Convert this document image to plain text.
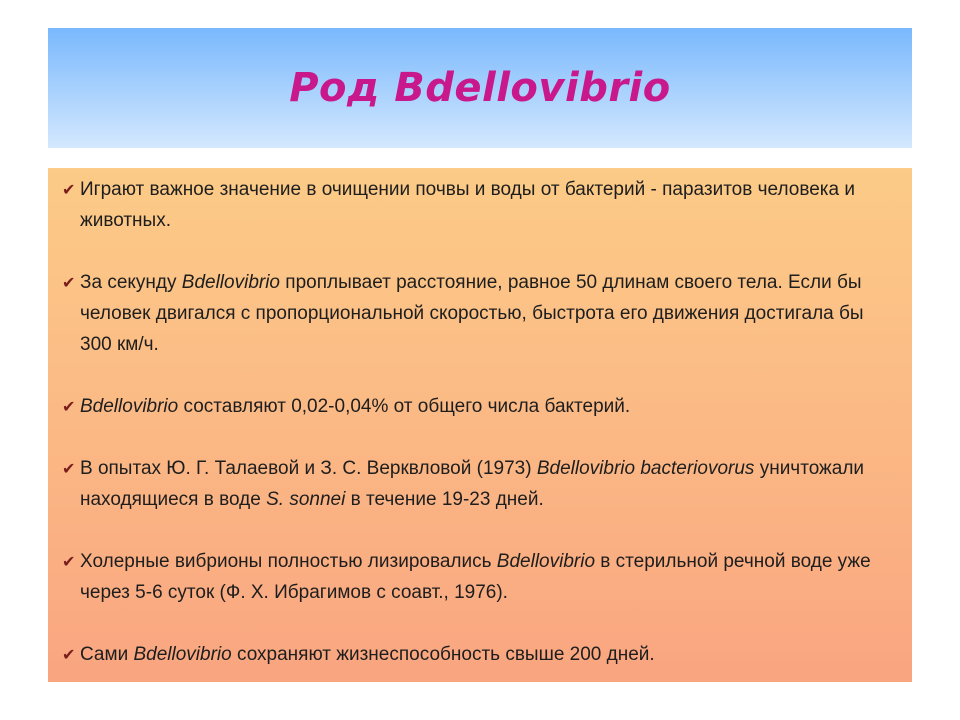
Род Bdellovibrio
✔ Играют важное значение в очищении почвы и воды от бактерий - паразитов человека и животных.
✔ За секунду Bdellovibrio проплывает расстояние, равное 50 длинам своего тела. Если бы человек двигался с пропорциональной скоростью, быстрота его движения достигала бы 300 км/ч.
✔ Bdellovibrio составляют 0,02-0,04% от общего числа бактерий.
✔ В опытах Ю. Г. Талаевой и З. С. Верквловой (1973) Bdellovibrio bacteriovorus уничтожали находящиеся в воде S. sonnei в течение 19-23 дней.
✔ Холерные вибрионы полностью лизировались Bdellovibrio в стерильной речной воде уже через 5-6 суток (Ф. Х. Ибрагимов с соавт., 1976).
✔ Сами Bdellovibrio сохраняют жизнеспособность свыше 200 дней.
